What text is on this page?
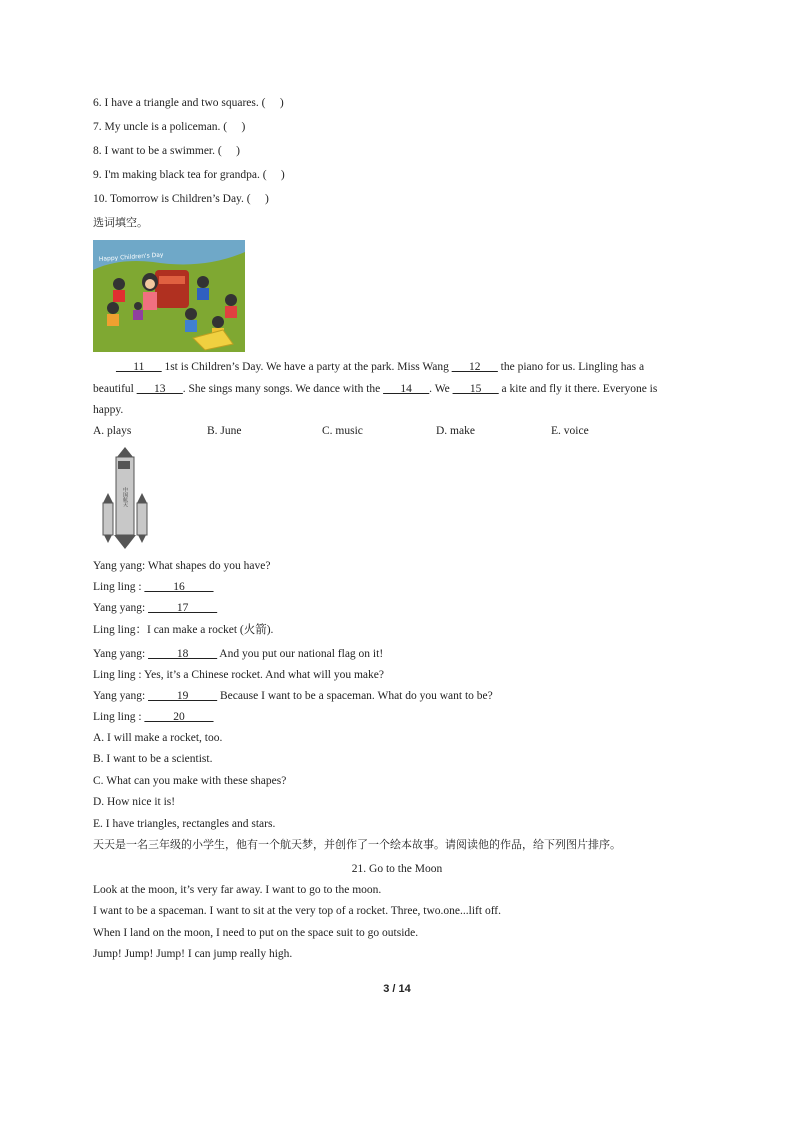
6. I have a triangle and two squares. (　 )
7. My uncle is a policeman. (　 )
8. I want to be a swimmer. (　 )
9. I'm making black tea for grandpa. (　 )
10. Tomorrow is Children’s Day. (　 )
选词填空。
Happy Children's Day
___11___ 1st is Children’s Day. We have a party at the park. Miss Wang ___12___ the piano for us. Lingling has a
beautiful ___13___. She sings many songs. We dance with the ___14___. We ___15___ a kite and fly it there. Everyone is
happy.
A. plays	B. June	C. music	D. make	E. voice
中国航天
Yang yang: What shapes do you have?
Ling ling : _____16_____
Yang yang: _____17_____
Ling ling：I can make a rocket (火箭).
Yang yang: _____18_____ And you put our national flag on it!
Ling ling : Yes, it’s a Chinese rocket. And what will you make?
Yang yang: _____19_____ Because I want to be a spaceman. What do you want to be?
Ling ling : _____20_____
A. I will make a rocket, too.
B. I want to be a scientist.
C. What can you make with these shapes?
D. How nice it is!
E. I have triangles, rectangles and stars.
天天是一名三年级的小学生，他有一个航天梦，并创作了一个绘本故事。请阅读他的作品，给下列图片排序。
21. Go to the Moon
Look at the moon, it’s very far away. I want to go to the moon.
I want to be a spaceman. I want to sit at the very top of a rocket. Three, two.one...lift off.
When I land on the moon, I need to put on the space suit to go outside.
Jump! Jump! Jump! I can jump really high.
3 / 14
